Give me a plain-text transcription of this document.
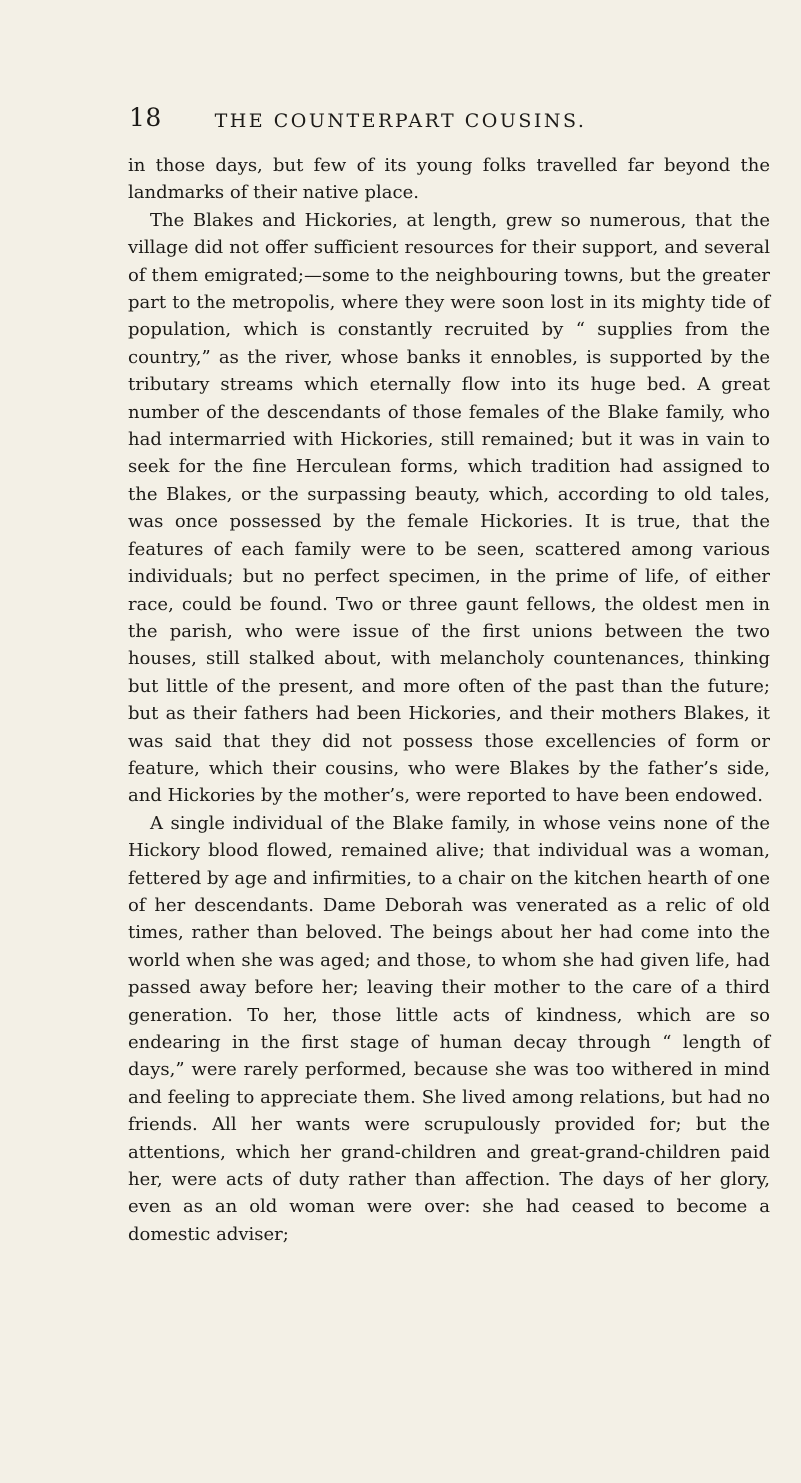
18	THE COUNTERPART COUSINS.

in those days, but few of its young folks travelled far beyond the landmarks of their native place.

The Blakes and Hickories, at length, grew so numerous, that the village did not offer sufficient resources for their support, and several of them emigrated;—some to the neighbouring towns, but the greater part to the metropolis, where they were soon lost in its mighty tide of population, which is constantly recruited by “ supplies from the country,” as the river, whose banks it ennobles, is supported by the tributary streams which eternally flow into its huge bed. A great number of the descendants of those females of the Blake family, who had intermarried with Hickories, still remained; but it was in vain to seek for the fine Herculean forms, which tradition had assigned to the Blakes, or the surpassing beauty, which, according to old tales, was once possessed by the female Hickories. It is true, that the features of each family were to be seen, scattered among various individuals; but no perfect specimen, in the prime of life, of either race, could be found. Two or three gaunt fellows, the oldest men in the parish, who were issue of the first unions between the two houses, still stalked about, with melancholy countenances, thinking but little of the present, and more often of the past than the future; but as their fathers had been Hickories, and their mothers Blakes, it was said that they did not possess those excellencies of form or feature, which their cousins, who were Blakes by the father’s side, and Hickories by the mother’s, were reported to have been endowed.

A single individual of the Blake family, in whose veins none of the Hickory blood flowed, remained alive; that individual was a woman, fettered by age and infirmities, to a chair on the kitchen hearth of one of her descendants. Dame Deborah was venerated as a relic of old times, rather than beloved. The beings about her had come into the world when she was aged; and those, to whom she had given life, had passed away before her; leaving their mother to the care of a third generation. To her, those little acts of kindness, which are so endearing in the first stage of human decay through “ length of days,” were rarely performed, because she was too withered in mind and feeling to appreciate them. She lived among relations, but had no friends. All her wants were scrupulously provided for; but the attentions, which her grand-children and great-grand-children paid her, were acts of duty rather than affection. The days of her glory, even as an old woman were over: she had ceased to become a domestic adviser;
